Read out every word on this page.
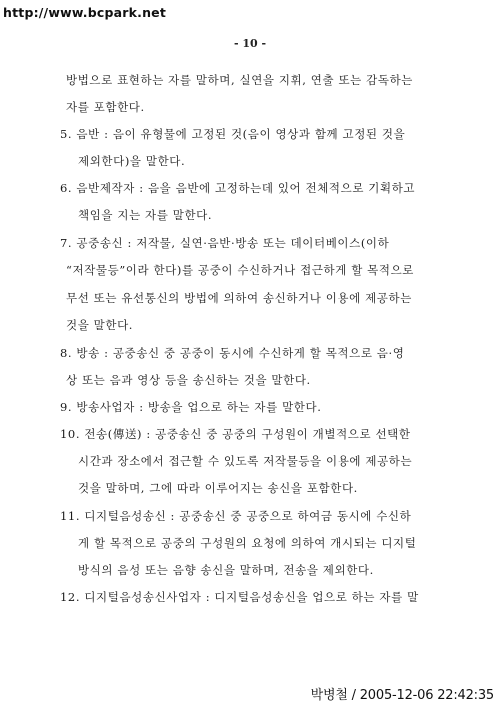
http://www.bcpark.net
- 10 -
방법으로 표현하는 자를 말하며, 실연을 지휘, 연출 또는 감독하는
자를 포함한다.
5. 음반 : 음이 유형물에 고정된 것(음이 영상과 함께 고정된 것을
제외한다)을 말한다.
6. 음반제작자 : 음을 음반에 고정하는데 있어 전체적으로 기획하고
책임을 지는 자를 말한다.
7. 공중송신 : 저작물, 실연·음반·방송 또는 데이터베이스(이하
“저작물등”이라 한다)를 공중이 수신하거나 접근하게 할 목적으로
무선 또는 유선통신의 방법에 의하여 송신하거나 이용에 제공하는
것을 말한다.
8. 방송 : 공중송신 중 공중이 동시에 수신하게 할 목적으로 음·영
상 또는 음과 영상 등을 송신하는 것을 말한다.
9. 방송사업자 : 방송을 업으로 하는 자를 말한다.
10. 전송(傳送) : 공중송신 중 공중의 구성원이 개별적으로 선택한
시간과 장소에서 접근할 수 있도록 저작물등을 이용에 제공하는
것을 말하며, 그에 따라 이루어지는 송신을 포함한다.
11. 디지털음성송신 : 공중송신 중 공중으로 하여금 동시에 수신하
게 할 목적으로 공중의 구성원의 요청에 의하여 개시되는 디지털
방식의 음성 또는 음향 송신을 말하며, 전송을 제외한다.
12. 디지털음성송신사업자 : 디지털음성송신을 업으로 하는 자를 말
박병철 / 2005-12-06 22:42:35
